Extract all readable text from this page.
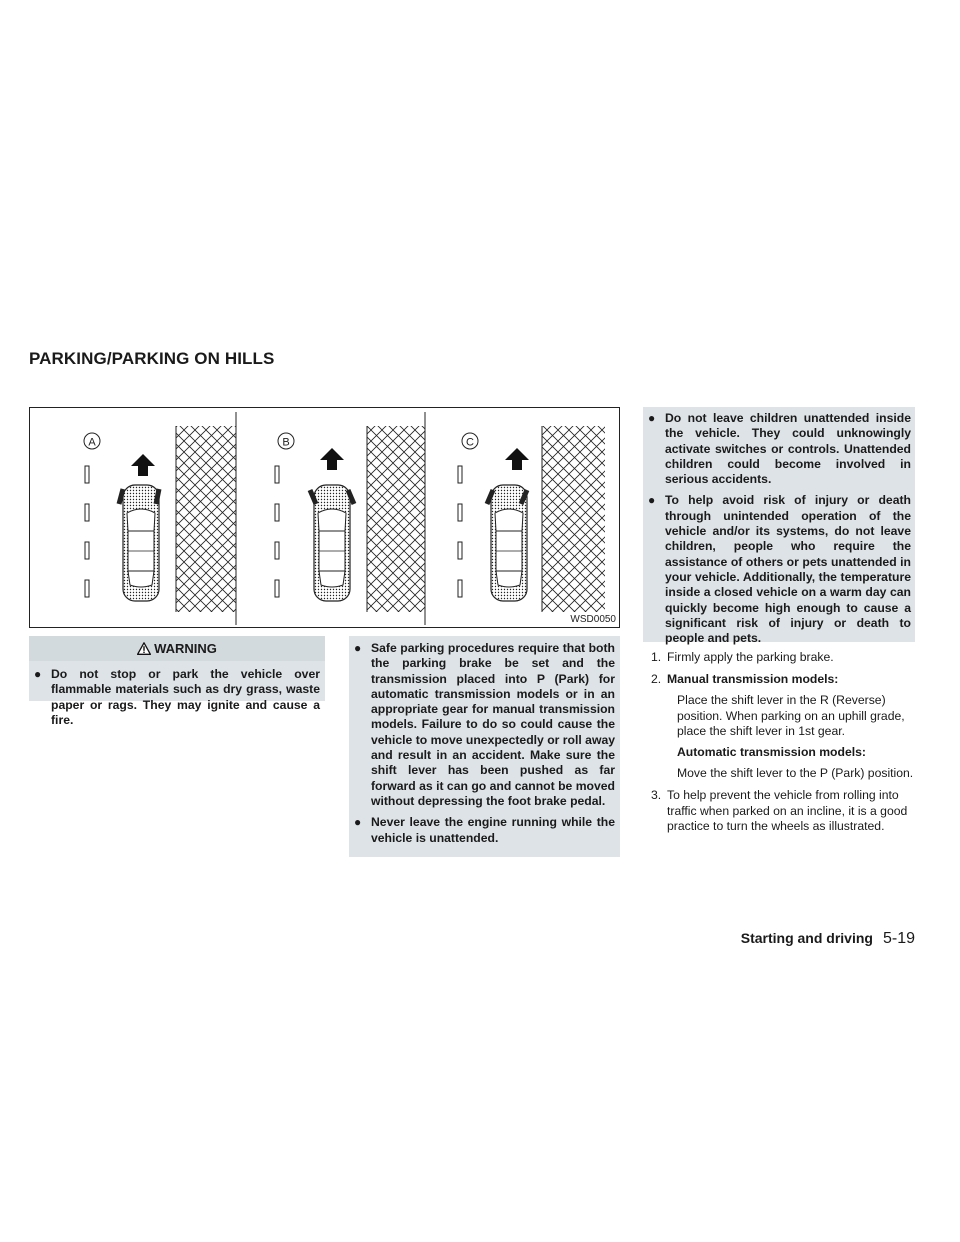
PARKING/PARKING ON HILLS
A	B	C
WSD0050
WARNING
● Do not stop or park the vehicle over flammable materials such as dry grass, waste paper or rags. They may ignite and cause a fire.
● Safe parking procedures require that both the parking brake be set and the transmission placed into P (Park) for automatic transmission models or in an appropriate gear for manual transmission models. Failure to do so could cause the vehicle to move unexpectedly or roll away and result in an accident. Make sure the shift lever has been pushed as far forward as it can go and cannot be moved without depressing the foot brake pedal.
● Never leave the engine running while the vehicle is unattended.
● Do not leave children unattended inside the vehicle. They could unknowingly activate switches or controls. Unattended children could become involved in serious accidents.
● To help avoid risk of injury or death through unintended operation of the vehicle and/or its systems, do not leave children, people who require the assistance of others or pets unattended in your vehicle. Additionally, the temperature inside a closed vehicle on a warm day can quickly become high enough to cause a significant risk of injury or death to people and pets.
1. Firmly apply the parking brake.
2. Manual transmission models:

Place the shift lever in the R (Reverse) position. When parking on an uphill grade, place the shift lever in 1st gear.

Automatic transmission models:

Move the shift lever to the P (Park) position.

3. To help prevent the vehicle from rolling into traffic when parked on an incline, it is a good practice to turn the wheels as illustrated.
Starting and driving 5-19
